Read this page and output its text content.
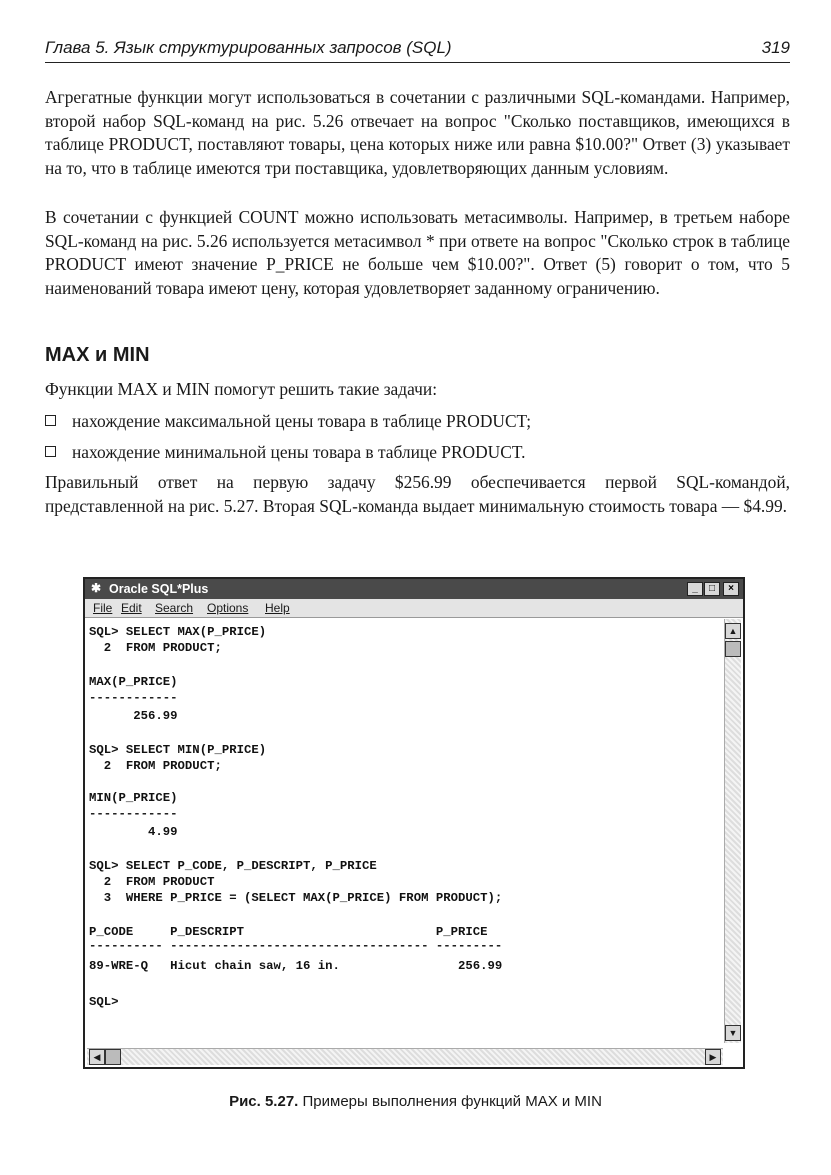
Глава 5. Язык структурированных запросов (SQL)	319

Агрегатные функции могут использоваться в сочетании с различными SQL-командами. Например, второй набор SQL-команд на рис. 5.26 отвечает на вопрос "Сколько поставщиков, имеющихся в таблице PRODUCT, поставляют товары, цена которых ниже или равна $10.00?" Ответ (3) указывает на то, что в таблице имеются три поставщика, удовлетворяющих данным условиям.

В сочетании с функцией COUNT можно использовать метасимволы. Например, в третьем наборе SQL-команд на рис. 5.26 используется метасимвол * при ответе на вопрос "Сколько строк в таблице PRODUCT имеют значение P_PRICE не больше чем $10.00?". Ответ (5) говорит о том, что 5 наименований товара имеют цену, которая удовлетворяет заданному ограничению.

MAX и MIN

Функции MAX и MIN помогут решить такие задачи:

нахождение максимальной цены товара в таблице PRODUCT;
нахождение минимальной цены товара в таблице PRODUCT.

Правильный ответ на первую задачу $256.99 обеспечивается первой SQL-командой, представленной на рис. 5.27. Вторая SQL-команда выдает минимальную стоимость товара — $4.99.

✱ Oracle SQL*Plus	_	□	×
File Edit Search Options Help
SQL> SELECT MAX(P_PRICE)
2  FROM PRODUCT;
MAX(P_PRICE)
------------
256.99
SQL> SELECT MIN(P_PRICE)
2  FROM PRODUCT;
MIN(P_PRICE)
------------
4.99
SQL> SELECT P_CODE, P_DESCRIPT, P_PRICE
2  FROM PRODUCT
3  WHERE P_PRICE = (SELECT MAX(P_PRICE) FROM PRODUCT);
P_CODE     P_DESCRIPT                          P_PRICE
---------- ----------------------------------- ---------
89-WRE-Q   Hicut chain saw, 16 in.                256.99
SQL>
▲
▼
◀	▶
Рис. 5.27. Примеры выполнения функций MAX и MIN
